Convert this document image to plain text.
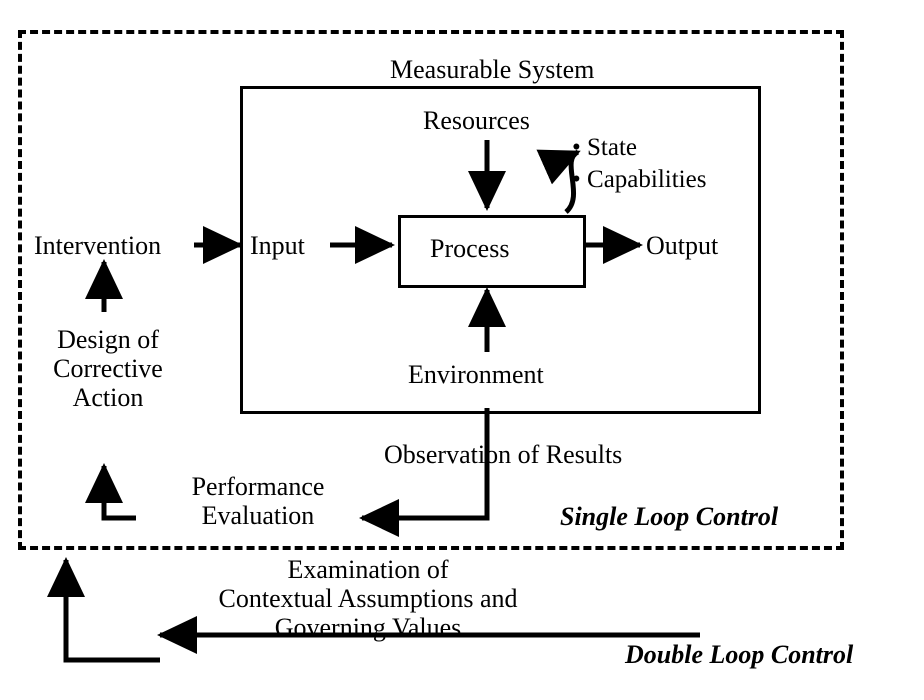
Measurable System
Resources
• State
• Capabilities
Intervention	Input	Process	Output
Environment
Design of
Corrective
Action
Observation of Results
Performance
Evaluation	Single Loop Control
Examination of
Contextual Assumptions and
Governing Values
Double Loop Control
